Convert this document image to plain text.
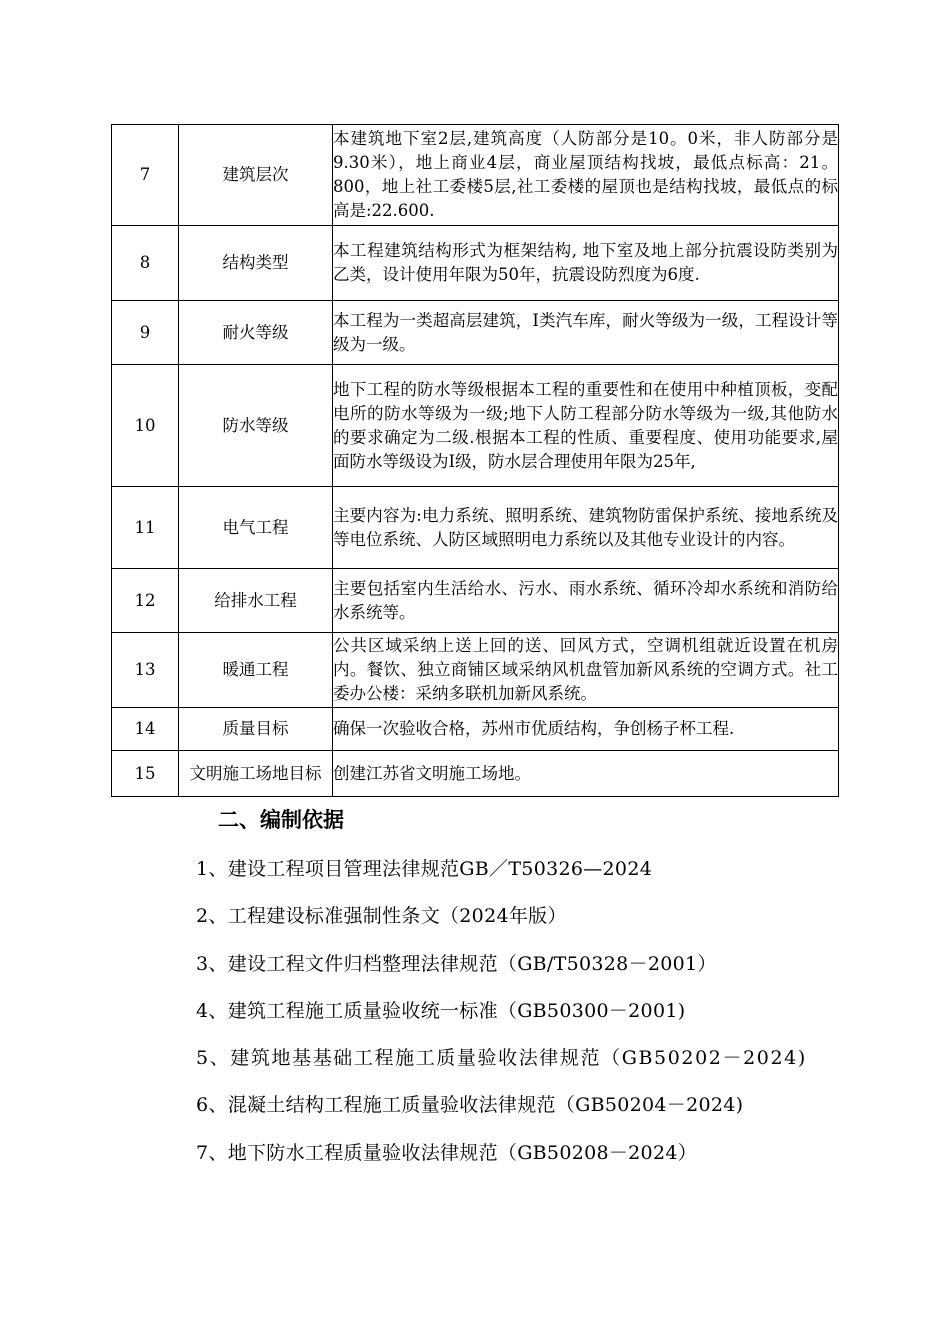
7	建筑层次	本建筑地下室2层,建筑高度（人防部分是10。0米，非人防部分是9.30米），地上商业4层，商业屋顶结构找坡，最低点标高：21。800，地上社工委楼5层,社工委楼的屋顶也是结构找坡，最低点的标高是:22.600.
8	结构类型	本工程建筑结构形式为框架结构, 地下室及地上部分抗震设防类别为乙类，设计使用年限为50年，抗震设防烈度为6度.
9	耐火等级	本工程为一类超高层建筑，I类汽车库，耐火等级为一级，工程设计等级为一级。
10	防水等级	地下工程的防水等级根据本工程的重要性和在使用中种植顶板，变配电所的防水等级为一级;地下人防工程部分防水等级为一级,其他防水的要求确定为二级.根据本工程的性质、重要程度、使用功能要求,屋面防水等级设为Ⅰ级，防水层合理使用年限为25年,
11	电气工程	主要内容为:电力系统、照明系统、建筑物防雷保护系统、接地系统及等电位系统、人防区域照明电力系统以及其他专业设计的内容。
12	给排水工程	主要包括室内生活给水、污水、雨水系统、循环冷却水系统和消防给水系统等。
13	暖通工程	公共区域采纳上送上回的送、回风方式，空调机组就近设置在机房内。餐饮、独立商铺区域采纳风机盘管加新风系统的空调方式。社工委办公楼：采纳多联机加新风系统。
14	质量目标	确保一次验收合格，苏州市优质结构，争创杨子杯工程.
15	文明施工场地目标	创建江苏省文明施工场地。
二、编制依据

1、建设工程项目管理法律规范GB／T50326—2024

2、工程建设标准强制性条文（2024年版）

3、建设工程文件归档整理法律规范（GB/T50328－2001）

4、建筑工程施工质量验收统一标准（GB50300－2001)

5、建筑地基基础工程施工质量验收法律规范（GB50202－2024)

6、混凝土结构工程施工质量验收法律规范（GB50204－2024)

7、地下防水工程质量验收法律规范（GB50208－2024）
